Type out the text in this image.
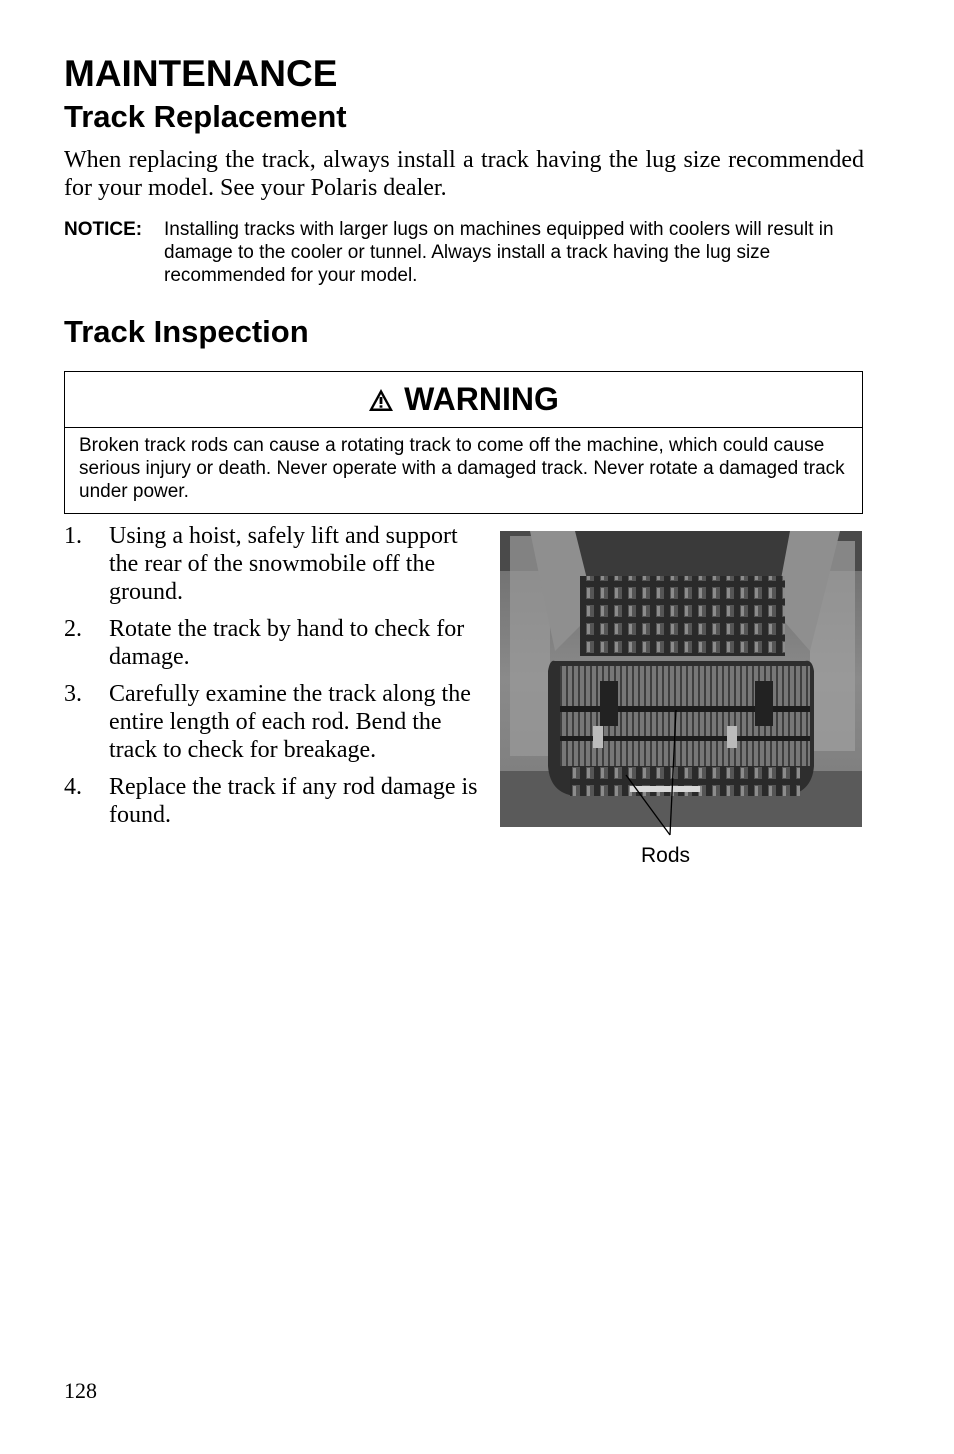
MAINTENANCE
Track Replacement

When replacing the track, always install a track having the lug size recommended for your model. See your Polaris dealer.

NOTICE: Installing tracks with larger lugs on machines equipped with coolers will result in damage to the cooler or tunnel. Always install a track having the lug size recommended for your model.
Track Inspection
WARNING
Broken track rods can cause a rotating track to come off the machine, which could cause serious injury or death. Never operate with a damaged track. Never rotate a damaged track under power.
1. Using a hoist, safely lift and support the rear of the snowmobile off the ground.
2. Rotate the track by hand to check for damage.
3. Carefully examine the track along the entire length of each rod. Bend the track to check for breakage.
4. Replace the track if any rod damage is found.
Rods
128
